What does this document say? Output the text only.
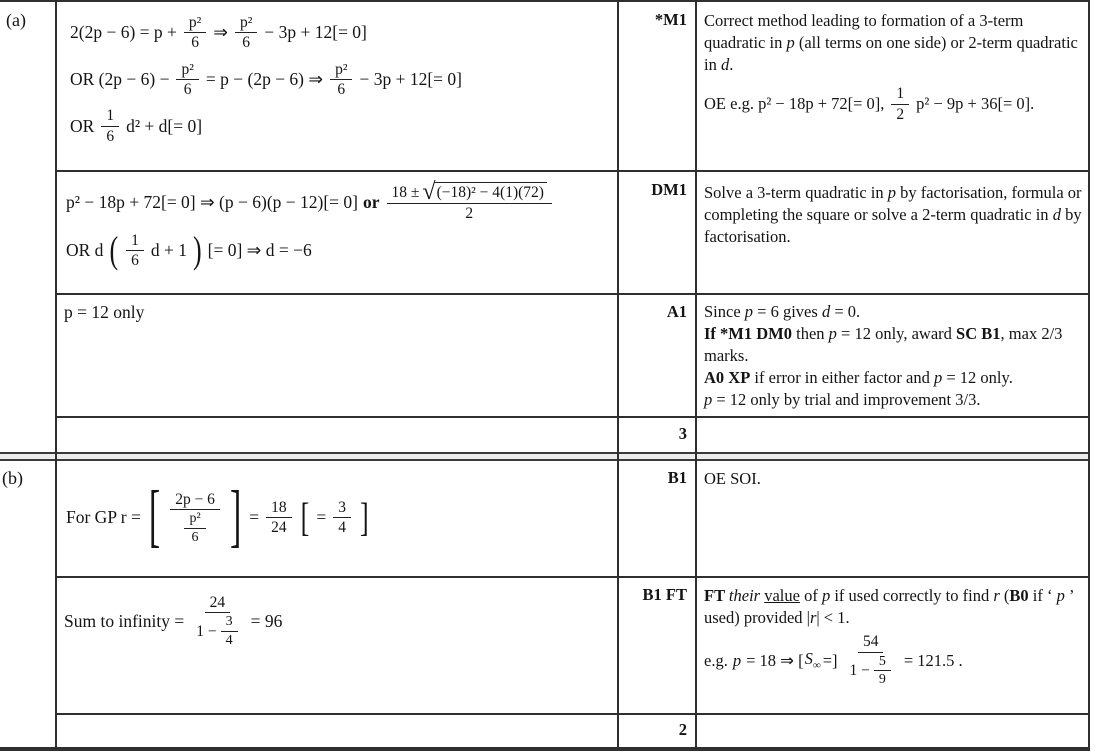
(a)
(b)
$2(2p - 6) = p + \frac{\text{p²}}{6}$ ⇒ $\frac{\text{p²}}{6} - 3p + 12[= 0]$
OR $(2p - 6) - \frac{\text{p²}}{6} = p - (2p - 6)$ ⇒ $\frac{\text{p²}}{6} - 3p + 12[= 0]$
OR $\frac{1}{6} d^2 + d[= 0]$
p² − 18p + 72[= 0] ⇒ (p − 6)(p − 12)[= 0] or $\frac{\text{18 ± √ (−18)² − 4(1)(72)}}{2}$
OR d ( $\frac{1}{6}$ d + 1 ) [= 0] ⇒ d = −6
p = 12 only
For GP r = [ $\frac{2p - 6}{\frac{\text{p²}}{6}}$ ] = $\frac{18}{24}$ [ = $\frac{3}{4}$ ]
Sum to infinity = $\frac{24}{1 - \frac{3}{4}} = 96$
*M1
DM1
A1
3
B1
B1 FT
2

Correct method leading to formation of a 3-term quadratic in p (all terms on one side) or 2-term quadratic in d.

OE e.g. p² − 18p + 72[= 0], $\frac{1}{2} p^2 - 9p + 36[= 0]$.

Solve a 3-term quadratic in p by factorisation, formula or completing the square or solve a 2-term quadratic in d by factorisation.

Since p = 6 gives d = 0.

If *M1 DM0 then p = 12 only, award SC B1, max 2/3 marks.

A0 XP if error in either factor and p = 12 only.

p = 12 only by trial and improvement 3/3.

OE SOI.

FT their value of p if used correctly to find r (B0 if ‘ p ’ used) provided |r| < 1.

e.g. p = 18 ⇒ [ $S_\infty$ =] $\frac{54}{1 - \frac{5}{9}} = 121.5$ .
